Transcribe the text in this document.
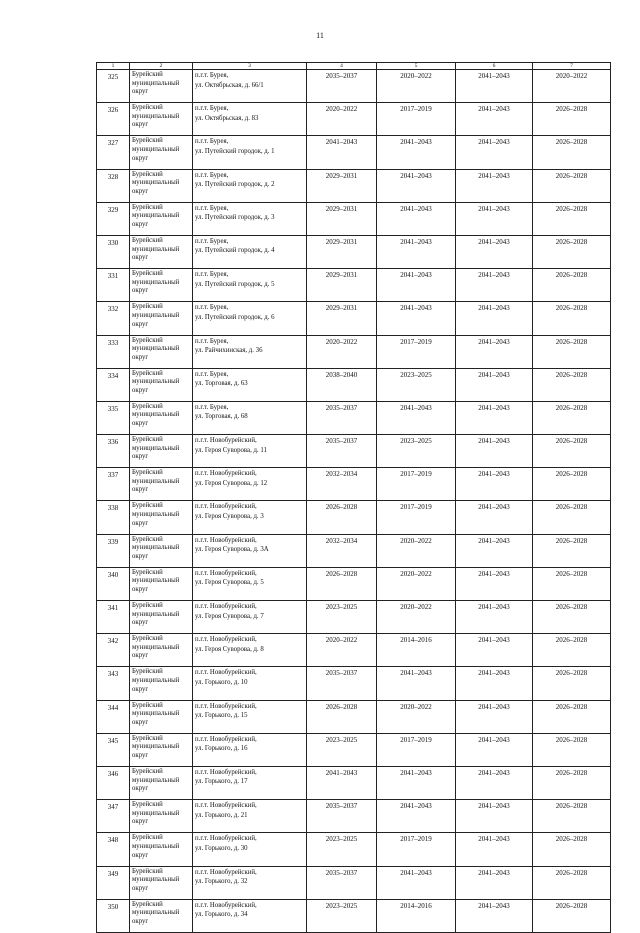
11
1	2	3	4	5	6	7
325	Бурейский муниципальный округ	п.г.т. Бурея,
ул. Октябрьская, д. 66/1	2035–2037	2020–2022	2041–2043	2020–2022
326	Бурейский муниципальный округ	п.г.т. Бурея,
ул. Октябрьская, д. 83	2020–2022	2017–2019	2041–2043	2026–2028
327	Бурейский муниципальный округ	п.г.т. Бурея,
ул. Путейский городок, д. 1	2041–2043	2041–2043	2041–2043	2026–2028
328	Бурейский муниципальный округ	п.г.т. Бурея,
ул. Путейский городок, д. 2	2029–2031	2041–2043	2041–2043	2026–2028
329	Бурейский муниципальный округ	п.г.т. Бурея,
ул. Путейский городок, д. 3	2029–2031	2041–2043	2041–2043	2026–2028
330	Бурейский муниципальный округ	п.г.т. Бурея,
ул. Путейский городок, д. 4	2029–2031	2041–2043	2041–2043	2026–2028
331	Бурейский муниципальный округ	п.г.т. Бурея,
ул. Путейский городок, д. 5	2029–2031	2041–2043	2041–2043	2026–2028
332	Бурейский муниципальный округ	п.г.т. Бурея,
ул. Путейский городок, д. 6	2029–2031	2041–2043	2041–2043	2026–2028
333	Бурейский муниципальный округ	п.г.т. Бурея,
ул. Райчихинская, д. 36	2020–2022	2017–2019	2041–2043	2026–2028
334	Бурейский муниципальный округ	п.г.т. Бурея,
ул. Торговая, д. 63	2038–2040	2023–2025	2041–2043	2026–2028
335	Бурейский муниципальный округ	п.г.т. Бурея,
ул. Торговая, д. 68	2035–2037	2041–2043	2041–2043	2026–2028
336	Бурейский муниципальный округ	п.г.т. Новобурейский,
ул. Героя Суворова, д. 11	2035–2037	2023–2025	2041–2043	2026–2028
337	Бурейский муниципальный округ	п.г.т. Новобурейский,
ул. Героя Суворова, д. 12	2032–2034	2017–2019	2041–2043	2026–2028
338	Бурейский муниципальный округ	п.г.т. Новобурейский,
ул. Героя Суворова, д. 3	2026–2028	2017–2019	2041–2043	2026–2028
339	Бурейский муниципальный округ	п.г.т. Новобурейский,
ул. Героя Суворова, д. 3А	2032–2034	2020–2022	2041–2043	2026–2028
340	Бурейский муниципальный округ	п.г.т. Новобурейский,
ул. Героя Суворова, д. 5	2026–2028	2020–2022	2041–2043	2026–2028
341	Бурейский муниципальный округ	п.г.т. Новобурейский,
ул. Героя Суворова, д. 7	2023–2025	2020–2022	2041–2043	2026–2028
342	Бурейский муниципальный округ	п.г.т. Новобурейский,
ул. Героя Суворова, д. 8	2020–2022	2014–2016	2041–2043	2026–2028
343	Бурейский муниципальный округ	п.г.т. Новобурейский,
ул. Горького, д. 10	2035–2037	2041–2043	2041–2043	2026–2028
344	Бурейский муниципальный округ	п.г.т. Новобурейский,
ул. Горького, д. 15	2026–2028	2020–2022	2041–2043	2026–2028
345	Бурейский муниципальный округ	п.г.т. Новобурейский,
ул. Горького, д. 16	2023–2025	2017–2019	2041–2043	2026–2028
346	Бурейский муниципальный округ	п.г.т. Новобурейский,
ул. Горького, д. 17	2041–2043	2041–2043	2041–2043	2026–2028
347	Бурейский муниципальный округ	п.г.т. Новобурейский,
ул. Горького, д. 21	2035–2037	2041–2043	2041–2043	2026–2028
348	Бурейский муниципальный округ	п.г.т. Новобурейский,
ул. Горького, д. 30	2023–2025	2017–2019	2041–2043	2026–2028
349	Бурейский муниципальный округ	п.г.т. Новобурейский,
ул. Горького, д. 32	2035–2037	2041–2043	2041–2043	2026–2028
350	Бурейский муниципальный округ	п.г.т. Новобурейский,
ул. Горького, д. 34	2023–2025	2014–2016	2041–2043	2026–2028
